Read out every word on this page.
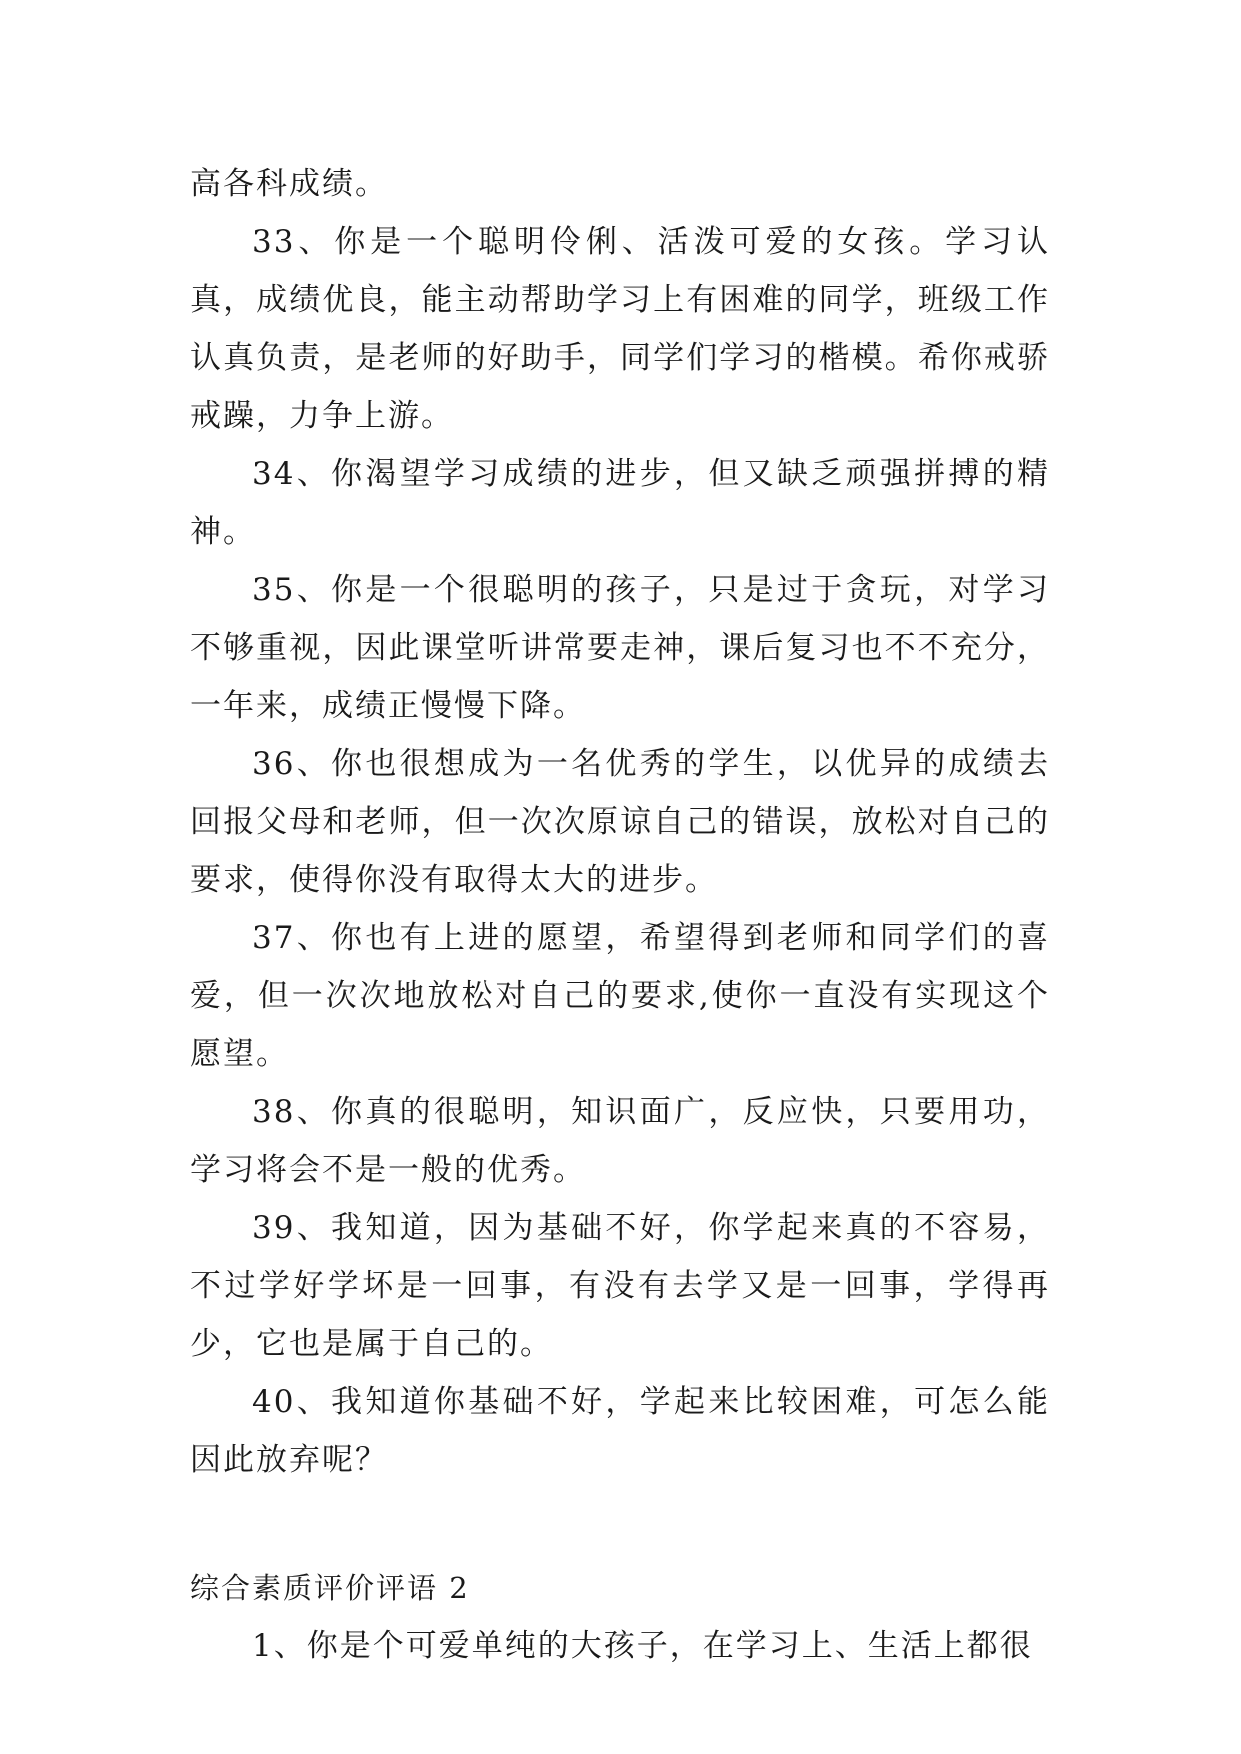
高各科成绩。

33、你是一个聪明伶俐、活泼可爱的女孩。学习认真，成绩优良，能主动帮助学习上有困难的同学，班级工作认真负责，是老师的好助手，同学们学习的楷模。希你戒骄戒躁，力争上游。

34、你渴望学习成绩的进步，但又缺乏顽强拼搏的精神。

35、你是一个很聪明的孩子，只是过于贪玩，对学习不够重视，因此课堂听讲常要走神，课后复习也不不充分，一年来，成绩正慢慢下降。

36、你也很想成为一名优秀的学生，以优异的成绩去回报父母和老师，但一次次原谅自己的错误，放松对自己的要求，使得你没有取得太大的进步。

37、你也有上进的愿望，希望得到老师和同学们的喜爱，但一次次地放松对自己的要求,使你一直没有实现这个愿望。

38、你真的很聪明，知识面广，反应快，只要用功，学习将会不是一般的优秀。

39、我知道，因为基础不好，你学起来真的不容易，不过学好学坏是一回事，有没有去学又是一回事，学得再少，它也是属于自己的。

40、我知道你基础不好，学起来比较困难，可怎么能因此放弃呢？

综合素质评价评语 2

1、你是个可爱单纯的大孩子，在学习上、生活上都很
